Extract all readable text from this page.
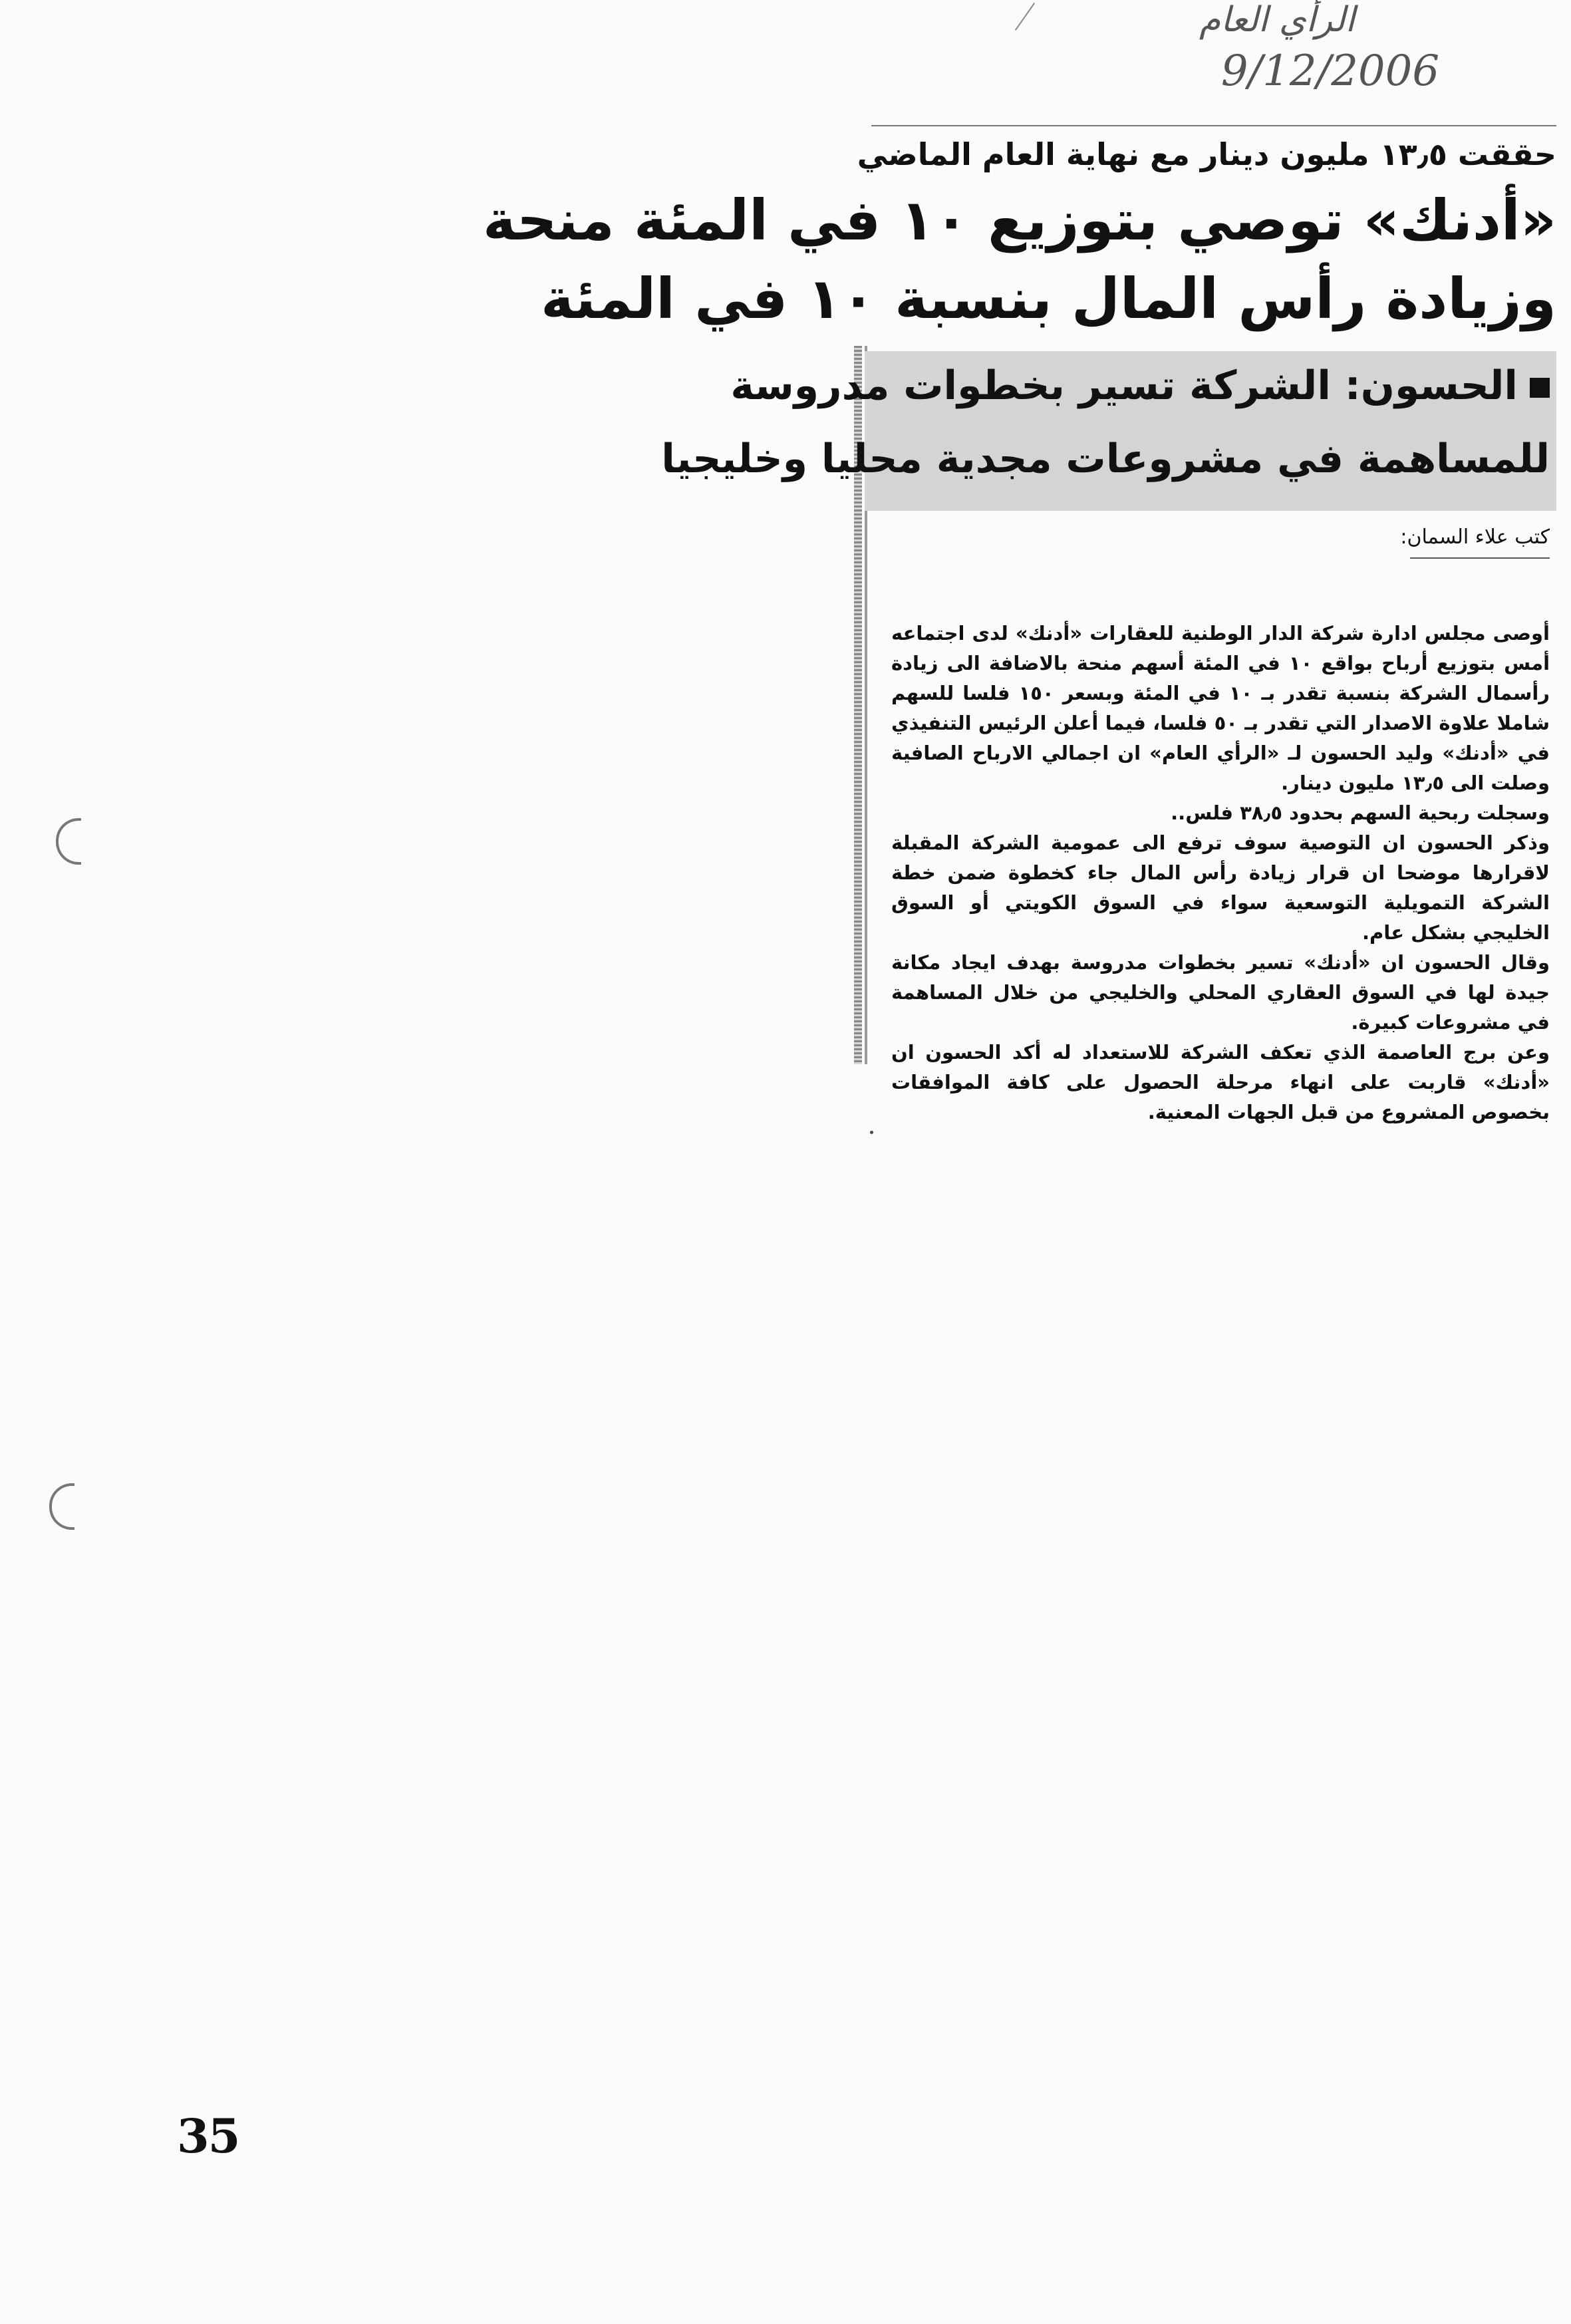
الرأي العام
9/12/2006
حققت ١٣٫٥ مليون دينار مع نهاية العام الماضي
«أدنك» توصي بتوزيع ١٠ في المئة منحة
وزيادة رأس المال بنسبة ١٠ في المئة
الحسون: الشركة تسير بخطوات مدروسة
للمساهمة في مشروعات مجدية محليا وخليجيا
كتب علاء السمان:

أوصى مجلس ادارة شركة الدار الوطنية للعقارات «أدنك» لدى اجتماعه أمس بتوزيع أرباح بواقع ١٠ في المئة أسهم منحة بالاضافة الى زيادة رأسمال الشركة بنسبة تقدر بـ ١٠ في المئة وبسعر ١٥٠ فلسا للسهم شاملا علاوة الاصدار التي تقدر بـ ٥٠ فلسا، فيما أعلن الرئيس التنفيذي في «أدنك» وليد الحسون لـ «الرأي العام» ان اجمالي الارباح الصافية وصلت الى ١٣٫٥ مليون دينار.

وسجلت ربحية السهم بحدود ٣٨٫٥ فلس..

وذكر الحسون ان التوصية سوف ترفع الى عمومية الشركة المقبلة لاقرارها موضحا ان قرار زيادة رأس المال جاء كخطوة ضمن خطة الشركة التمويلية التوسعية سواء في السوق الكويتي أو السوق الخليجي بشكل عام.

وقال الحسون ان «أدنك» تسير بخطوات مدروسة بهدف ايجاد مكانة جيدة لها في السوق العقاري المحلي والخليجي من خلال المساهمة في مشروعات كبيرة.

وعن برج العاصمة الذي تعكف الشركة للاستعداد له أكد الحسون ان «أدنك» قاربت على انهاء مرحلة الحصول على كافة الموافقات بخصوص المشروع من قبل الجهات المعنية.

35
